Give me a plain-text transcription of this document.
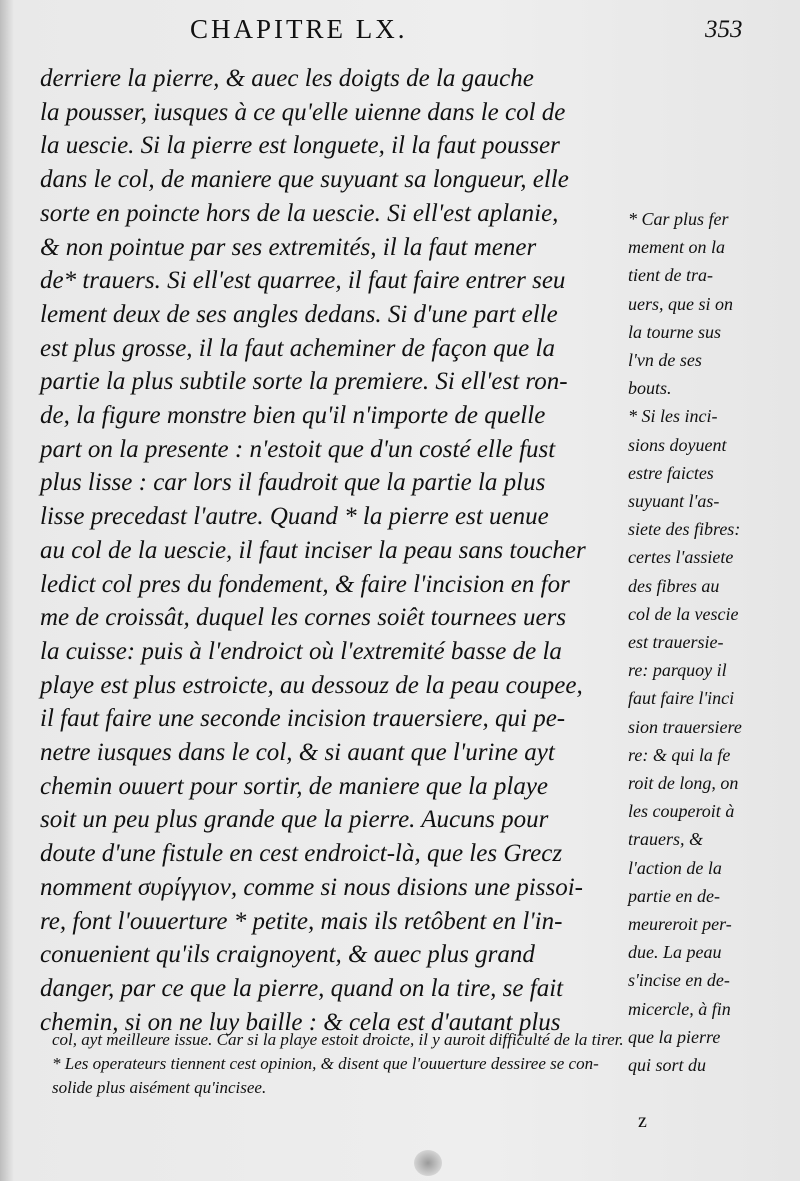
CHAPITRE LX.	353
derriere la pierre, & auec les doigts de la gauche
la pousser, iusques à ce qu'elle uienne dans le col de
la uescie. Si la pierre est longuete, il la faut pousser
dans le col, de maniere que suyuant sa longueur, elle
sorte en poincte hors de la uescie. Si ell'est aplanie,
& non pointue par ses extremités, il la faut mener
de* trauers. Si ell'est quarree, il faut faire entrer seu
lement deux de ses angles dedans. Si d'une part elle
est plus grosse, il la faut acheminer de façon que la
partie la plus subtile sorte la premiere. Si ell'est ron-
de, la figure monstre bien qu'il n'importe de quelle
part on la presente : n'estoit que d'un costé elle fust
plus lisse : car lors il faudroit que la partie la plus
lisse precedast l'autre. Quand * la pierre est uenue
au col de la uescie, il faut inciser la peau sans toucher
ledict col pres du fondement, & faire l'incision en for
me de croissât, duquel les cornes soiêt tournees uers
la cuisse: puis à l'endroict où l'extremité basse de la
playe est plus estroicte, au dessouz de la peau coupee,
il faut faire une seconde incision trauersiere, qui pe-
netre iusques dans le col, & si auant que l'urine ayt
chemin ouuert pour sortir, de maniere que la playe
soit un peu plus grande que la pierre. Aucuns pour
doute d'une fistule en cest endroict-là, que les Grecz
nomment συρίγγιον, comme si nous disions une pissoi-
re, font l'ouuerture * petite, mais ils retôbent en l'in-
conuenient qu'ils craignoyent, & auec plus grand
danger, par ce que la pierre, quand on la tire, se fait
chemin, si on ne luy baille : & cela est d'autant plus
* Car plus fer
mement on la
tient de tra-
uers, que si on
la tourne sus
l'vn de ses
bouts.
* Si les inci-
sions doyuent
estre faictes
suyuant l'as-
siete des fibres:
certes l'assiete
des fibres au
col de la vescie
est trauersie-
re: parquoy il
faut faire l'inci
sion trauersiere
re: & qui la fe
roit de long, on
les couperoit à
trauers, &
l'action de la
partie en de-
meureroit per-
due. La peau
s'incise en de-
micercle, à fin
que la pierre
qui sort du
col, ayt meilleure issue. Car si la playe estoit droicte, il y auroit difficulté de la tirer.
* Les operateurs tiennent cest opinion, & disent que l'ouuerture dessiree se con-
solide plus aisément qu'incisee.
z
